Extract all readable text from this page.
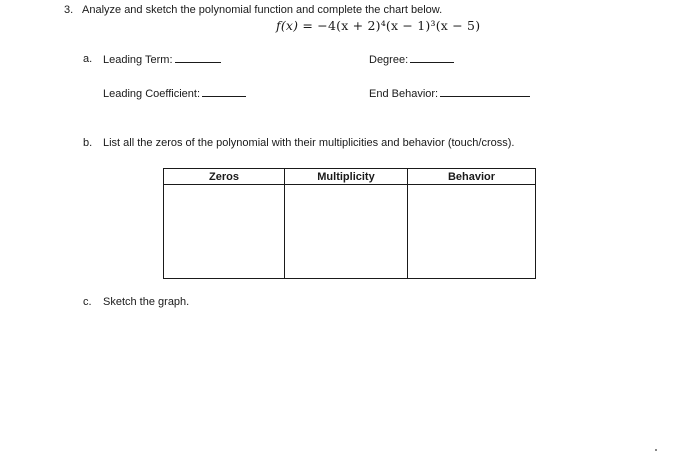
3. Analyze and sketch the polynomial function and complete the chart below.
f(x) = −4(x + 2)⁴(x − 1)³(x − 5)
a. Leading Term:	Degree:
Leading Coefficient:	End Behavior:
b. List all the zeros of the polynomial with their multiplicities and behavior (touch/cross).
Zeros	Multiplicity	Behavior

c. Sketch the graph.
